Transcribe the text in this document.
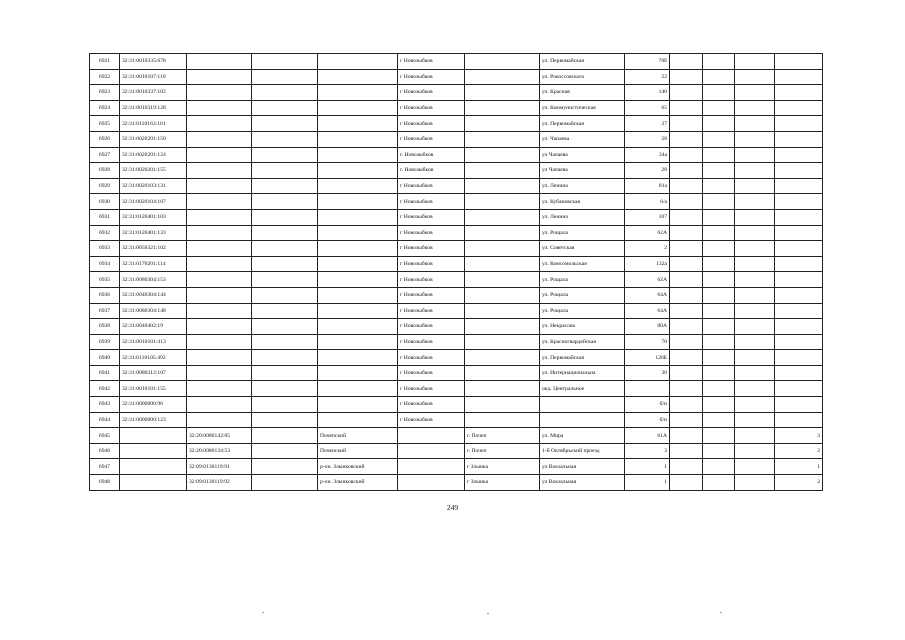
6921	32:31:0010335:678				г Новозыбков		ул. Первомайская	70б				
6922	32:31:0010107:110				г Новозыбков		ул. Рокоссовского	22				
6923	32:31:0010337:102				г Новозыбков		ул. Красная	140				
6924	32:31:0010319:128				г Новозыбков		ул. Коммунистическая	65				
6925	32:31:0110163:101				г Новозыбков		ул. Первомайская	37				
6926	32:31:0020201:150				г Новозыбков		ул. Чапаева	28				
6927	32:31:0020201:124				г. Новозыбков		ул Чапаева	34а				
6928	32:31:0020201:155				г. Новозыбков		ул Чапаева	28				
6929	32:31:0020103:131				г Новозыбков		ул. Ленина	81а				
6930	32:31:0020104:107				г Новозыбков		ул. Кубановская	6/а				
6931	32:31:0120401:103				г Новозыбков		ул. Ленина	107				
6932	32:31:0120401:133				г Новозыбков		ул. Рощала	62А				
6933	32:31:0050321:102				г Новозыбков		ул. Советская	2				
6934	32:31:0170201:114				г Новозыбков		ул. Комсомольская	132а				
6935	32:31:0080304:153				г Новозыбков		ул. Рощала	62А				
6936	32:31:0040304:144				г Новозыбков		ул. Рощала	64А				
6937	32:31:0080304:148				г Новозыбков		ул. Рощала	64А				
6938	32:31:0040402:19				г Новозыбков		ул. Некрасова	80А				
6939	32:31:0010101:413				г Новозыбков		ул. Красногвардейская	70				
6940	32:31:0110105:492				г Новозыбков		ул. Первомайская	126Б				
6941	32:31:0080312:107				г Новозыбков		ул. Интернациональна	30				
6942	32:31:0010101:155				г Новозыбков		окд. Центральное					
6943	32:31:0000000:96				г Новозыбков			б/н				
6944	32:31:0000000:123				г Новозыбков			б/н				
6945		32:20:0080142:85		Почепский		г. Почеп	ул. Мира	61А				3
6946		32:20:0080134:53		Почепский		г. Почеп	1-й Октябрьский проезд	3				2
6947		32:09:0130119:91		р-он. Злынковский		г Злынка	ул Вокзальная	1				1
6948		32:09:0130119:92		р-он. Злынковский		г Злынка	ул Вокзальная	1				2
249
